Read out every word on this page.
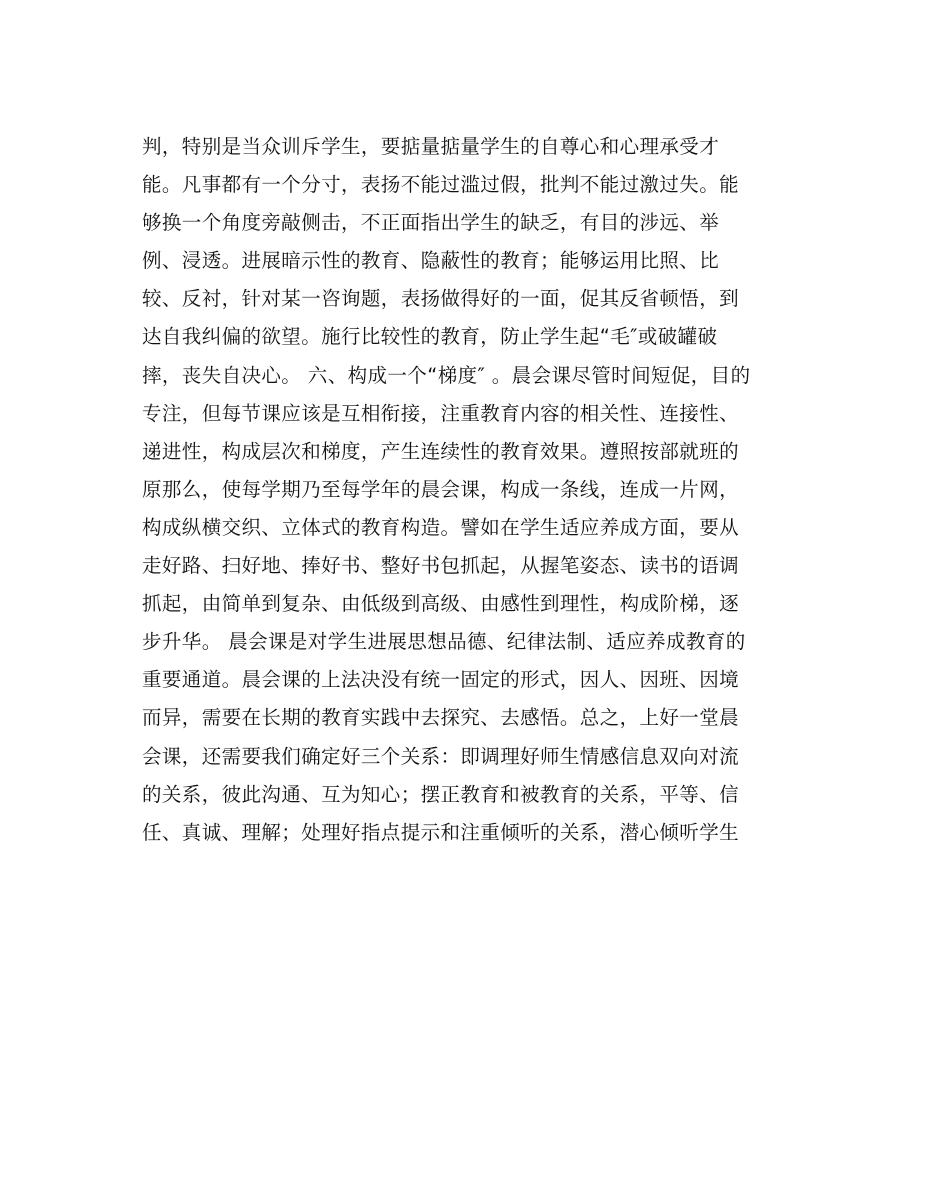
判，特别是当众训斥学生，要掂量掂量学生的自尊心和心理承受才
能。凡事都有一个分寸，表扬不能过滥过假，批判不能过激过失。能
够换一个角度旁敲侧击，不正面指出学生的缺乏，有目的涉远、举
例、浸透。进展暗示性的教育、隐蔽性的教育；能够运用比照、比
较、反衬，针对某一咨询题，表扬做得好的一面，促其反省顿悟，到
达自我纠偏的欲望。施行比较性的教育，防止学生起“毛″或破罐破
摔，丧失自决心。 六、构成一个“梯度″ 。晨会课尽管时间短促，目的
专注，但每节课应该是互相衔接，注重教育内容的相关性、连接性、
递进性，构成层次和梯度，产生连续性的教育效果。遵照按部就班的
原那么，使每学期乃至每学年的晨会课，构成一条线，连成一片网，
构成纵横交织、立体式的教育构造。譬如在学生适应养成方面，要从
走好路、扫好地、捧好书、整好书包抓起，从握笔姿态、读书的语调
抓起，由简单到复杂、由低级到高级、由感性到理性，构成阶梯，逐
步升华。 晨会课是对学生进展思想品德、纪律法制、适应养成教育的
重要通道。晨会课的上法决没有统一固定的形式，因人、因班、因境
而异，需要在长期的教育实践中去探究、去感悟。总之，上好一堂晨
会课，还需要我们确定好三个关系：即调理好师生情感信息双向对流
的关系，彼此沟通、互为知心；摆正教育和被教育的关系，平等、信
任、真诚、理解；处理好指点提示和注重倾听的关系，潜心倾听学生
